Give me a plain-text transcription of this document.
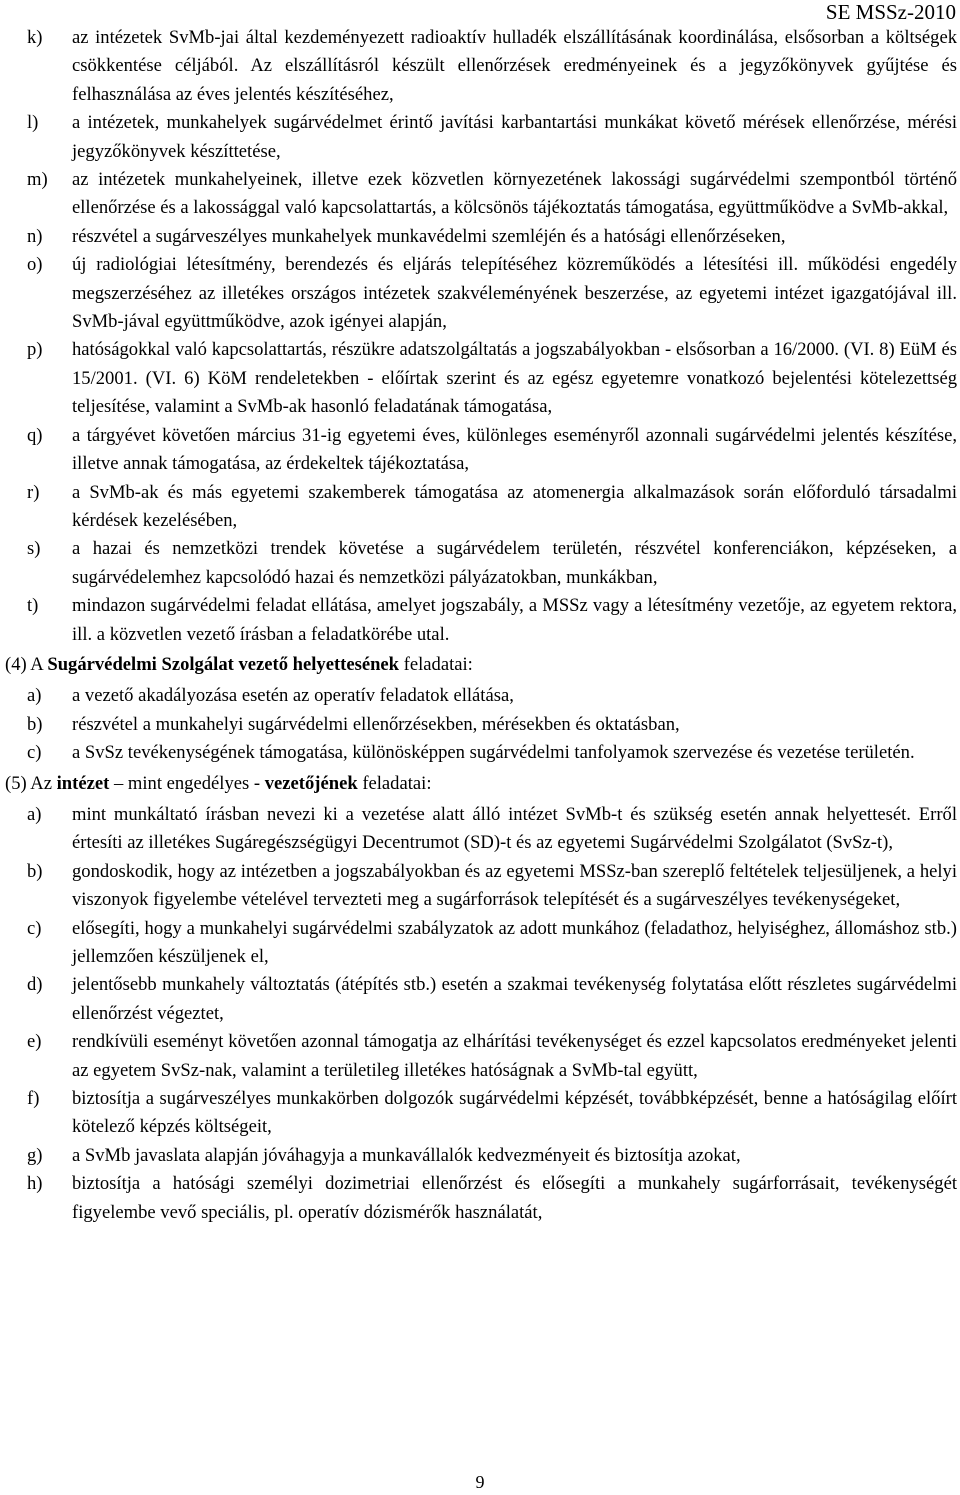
SE MSSz-2010
k) az intézetek SvMb-jai által kezdeményezett radioaktív hulladék elszállításának koordinálása, elsősorban a költségek csökkentése céljából. Az elszállításról készült ellenőrzések eredményeinek és a jegyzőkönyvek gyűjtése és felhasználása az éves jelentés készítéséhez,
l) a intézetek, munkahelyek sugárvédelmet érintő javítási karbantartási munkákat követő mérések ellenőrzése, mérési jegyzőkönyvek készíttetése,
m) az intézetek munkahelyeinek, illetve ezek közvetlen környezetének lakossági sugárvédelmi szempontból történő ellenőrzése és a lakossággal való kapcsolattartás, a kölcsönös tájékoztatás támogatása, együttműködve a SvMb-akkal,
n) részvétel a sugárveszélyes munkahelyek munkavédelmi szemléjén és a hatósági ellenőrzéseken,
o) új radiológiai létesítmény, berendezés és eljárás telepítéséhez közreműködés a létesítési ill. működési engedély megszerzéséhez az illetékes országos intézetek szakvéleményének beszerzése, az egyetemi intézet igazgatójával ill. SvMb-jával együttműködve, azok igényei alapján,
p) hatóságokkal való kapcsolattartás, részükre adatszolgáltatás a jogszabályokban - elsősorban a 16/2000. (VI. 8) EüM és 15/2001. (VI. 6) KöM rendeletekben - előírtak szerint és az egész egyetemre vonatkozó bejelentési kötelezettség teljesítése, valamint a SvMb-ak hasonló feladatának támogatása,
q) a tárgyévet követően március 31-ig egyetemi éves, különleges eseményről azonnali sugárvédelmi jelentés készítése, illetve annak támogatása, az érdekeltek tájékoztatása,
r) a SvMb-ak és más egyetemi szakemberek támogatása az atomenergia alkalmazások során előforduló társadalmi kérdések kezelésében,
s) a hazai és nemzetközi trendek követése a sugárvédelem területén, részvétel konferenciákon, képzéseken, a sugárvédelemhez kapcsolódó hazai és nemzetközi pályázatokban, munkákban,
t) mindazon sugárvédelmi feladat ellátása, amelyet jogszabály, a MSSz vagy a létesítmény vezetője, az egyetem rektora, ill. a közvetlen vezető írásban a feladatkörébe utal.
(4) A Sugárvédelmi Szolgálat vezető helyettesének feladatai:
a) a vezető akadályozása esetén az operatív feladatok ellátása,
b) részvétel a munkahelyi sugárvédelmi ellenőrzésekben, mérésekben és oktatásban,
c) a SvSz tevékenységének támogatása, különösképpen sugárvédelmi tanfolyamok szervezése és vezetése területén.
(5) Az intézet – mint engedélyes - vezetőjének feladatai:
a) mint munkáltató írásban nevezi ki a vezetése alatt álló intézet SvMb-t és szükség esetén annak helyettesét. Erről értesíti az illetékes Sugáregészségügyi Decentrumot (SD)-t és az egyetemi Sugárvédelmi Szolgálatot (SvSz-t),
b) gondoskodik, hogy az intézetben a jogszabályokban és az egyetemi MSSz-ban szereplő feltételek teljesüljenek, a helyi viszonyok figyelembe vételével tervezteti meg a sugárforrások telepítését és a sugárveszélyes tevékenységeket,
c) elősegíti, hogy a munkahelyi sugárvédelmi szabályzatok az adott munkához (feladathoz, helyiséghez, állomáshoz stb.) jellemzően készüljenek el,
d) jelentősebb munkahely változtatás (átépítés stb.) esetén a szakmai tevékenység folytatása előtt részletes sugárvédelmi ellenőrzést végeztet,
e) rendkívüli eseményt követően azonnal támogatja az elhárítási tevékenységet és ezzel kapcsolatos eredményeket jelenti az egyetem SvSz-nak, valamint a területileg illetékes hatóságnak a SvMb-tal együtt,
f) biztosítja a sugárveszélyes munkakörben dolgozók sugárvédelmi képzését, továbbképzését, benne a hatóságilag előírt kötelező képzés költségeit,
g) a SvMb javaslata alapján jóváhagyja a munkavállalók kedvezményeit és biztosítja azokat,
h) biztosítja a hatósági személyi dozimetriai ellenőrzést és elősegíti a munkahely sugárforrásait, tevékenységét figyelembe vevő speciális, pl. operatív dózismérők használatát,
9
